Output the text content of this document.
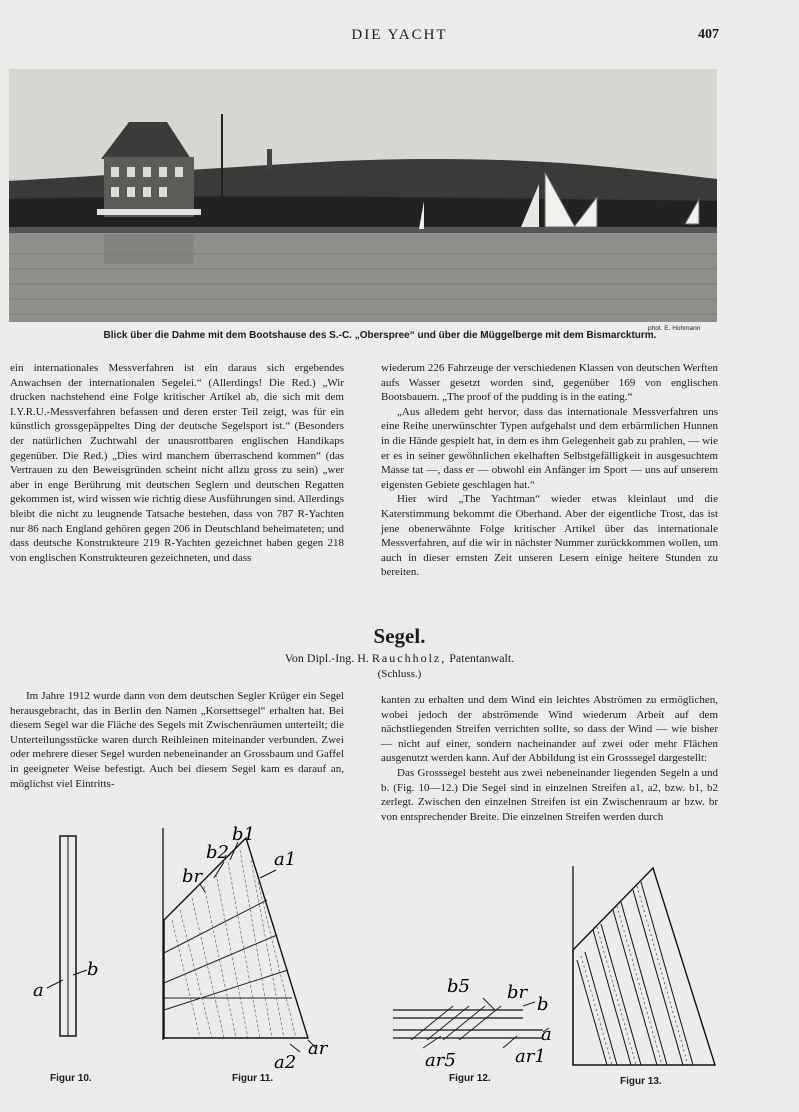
DIE YACHT	407
Blick über die Dahme mit dem Bootshause des S.-C. „Oberspree“ und über die Müggelberge mit dem Bismarckturm.
phot. E. Hohmann

ein internationales Messverfahren ist ein daraus sich ergebendes Anwachsen der internationalen Segelei.“ (Allerdings! Die Red.) „Wir drucken nachstehend eine Folge kritischer Artikel ab, die sich mit dem I.Y.R.U.-Messverfahren befassen und deren erster Teil zeigt, was für ein künstlich grossgepäppeltes Ding der deutsche Segelsport ist.“ (Besonders der natürlichen Zuchtwahl der unausrottbaren englischen Handikaps gegenüber. Die Red.) „Dies wird manchem überraschend kommen“ (das Vertrauen zu den Beweisgründen scheint nicht allzu gross zu sein) „wer aber in enge Berührung mit deutschen Seglern und deutschen Regatten gekommen ist, wird wissen wie richtig diese Ausführungen sind. Allerdings bleibt die nicht zu leugnende Tatsache bestehen, dass von 787 R-Yachten nur 86 nach England gehören gegen 206 in Deutschland beheimateten; und dass deutsche Konstrukteure 219 R-Yachten gezeichnet haben gegen 218 von englischen Konstrukteuren gezeichneten, und dass

wiederum 226 Fahrzeuge der verschiedenen Klassen von deutschen Werften aufs Wasser gesetzt worden sind, gegenüber 169 von englischen Bootsbauern. „The proof of the pudding is in the eating.“

„Aus alledem geht hervor, dass das internationale Messverfahren uns eine Reihe unerwünschter Typen aufgehalst und dem erbärmlichen Hunnen in die Hände gespielt hat, in dem es ihm Gelegenheit gab zu prahlen, — wie er es in seiner gewöhnlichen ekelhaften Selbstgefälligkeit in ausgesuchtem Masse tat —, dass er — obwohl ein Anfänger im Sport — uns auf unserem eigensten Gebiete geschlagen hat.“

Hier wird „The Yachtman“ wieder etwas kleinlaut und die Katerstimmung bekommt die Oberhand. Aber der eigentliche Trost, das ist jene obenerwähnte Folge kritischer Artikel über das internationale Messverfahren, auf die wir in nächster Nummer zurückkommen wollen, um auch in dieser ernsten Zeit unseren Lesern einige heitere Stunden zu bereiten.

Segel.
Von Dipl.-Ing. H. Rauchholz, Patentanwalt.
(Schluss.)

Im Jahre 1912 wurde dann von dem deutschen Segler Krüger ein Segel herausgebracht, das in Berlin den Namen „Korsettsegel“ erhalten hat. Bei diesem Segel war die Fläche des Segels mit Zwischenräumen unterteilt; die Unterteilungsstücke waren durch Reihleinen miteinander verbunden. Zwei oder mehrere dieser Segel wurden nebeneinander an Grossbaum und Gaffel in geeigneter Weise befestigt. Auch bei diesem Segel kam es darauf an, möglichst viel Eintritts-

kanten zu erhalten und dem Wind ein leichtes Abströmen zu ermöglichen, wobei jedoch der abströmende Wind wiederum Arbeit auf dem nächstliegenden Streifen verrichten sollte, so dass der Wind — wie bisher — nicht auf einer, sondern nacheinander auf zwei oder mehr Flächen ausgenutzt werden kann. Auf der Abbildung ist ein Grosssegel dargestellt:

Das Grosssegel besteht aus zwei nebeneinander liegenden Segeln a und b. (Fig. 10—12.) Die Segel sind in einzelnen Streifen a1, a2, bzw. b1, b2 zerlegt. Zwischen den einzelnen Streifen ist ein Zwischenraum ar bzw. br von entsprechender Breite. Die einzelnen Streifen werden durch

a
b
Figur 10.
b1
b2	a1
br
a2
ar
Figur 11.
b5 br
b
a
ar5	ar1
Figur 12.	Figur 13.
